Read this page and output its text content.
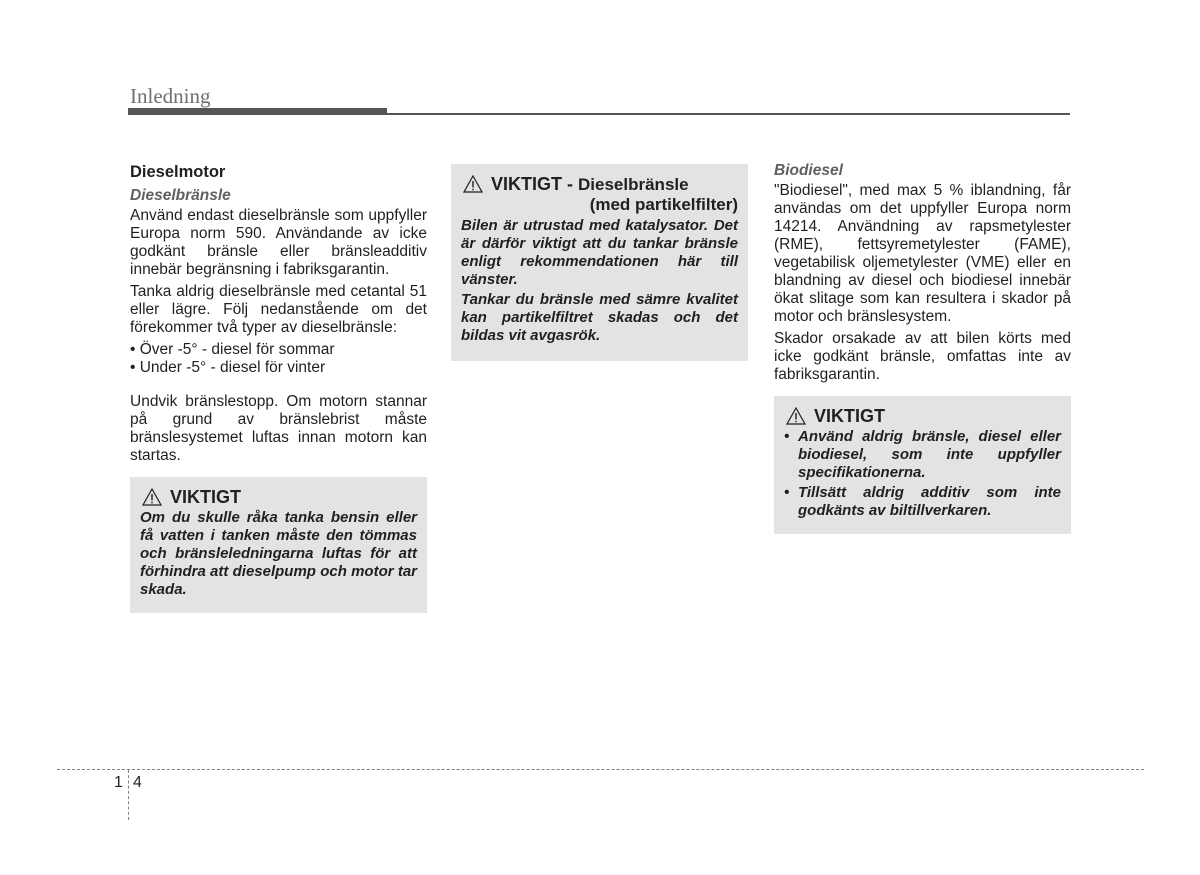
Inledning
Dieselmotor
Dieselbränsle
Använd endast dieselbränsle som uppfyller Europa norm 590. Användande av icke godkänt bränsle eller bränsleadditiv innebär begränsning i fabriksgarantin.
Tanka aldrig dieselbränsle med cetantal 51 eller lägre. Följ nedanstående om det förekommer två typer av dieselbränsle:
• Över -5° - diesel för sommar
• Under -5° - diesel för vinter
Undvik bränslestopp. Om motorn stannar på grund av bränslebrist måste bränslesystemet luftas innan motorn kan startas.
VIKTIGT
Om du skulle råka tanka bensin eller få vatten i tanken måste den tömmas och bränsleledningarna luftas för att förhindra att dieselpump och motor tar skada.
VIKTIGT - Dieselbränsle
(med partikelfilter)
Bilen är utrustad med katalysator. Det är därför viktigt att du tankar bränsle enligt rekommendationen här till vänster.
Tankar du bränsle med sämre kvalitet kan partikelfiltret skadas och det bildas vit avgasrök.
Biodiesel
"Biodiesel", med max 5 % iblandning, får användas om det uppfyller Europa norm 14214. Användning av rapsmetylester (RME), fettsyremetylester (FAME), vegetabilisk oljemetylester (VME) eller en blandning av diesel och biodiesel innebär ökat slitage som kan resultera i skador på motor och bränslesystem.
Skador orsakade av att bilen körts med icke godkänt bränsle, omfattas inte av fabriksgarantin.
VIKTIGT
• Använd aldrig bränsle, diesel eller biodiesel, som inte uppfyller specifikationerna.
• Tillsätt aldrig additiv som inte godkänts av biltillverkaren.
1 4
